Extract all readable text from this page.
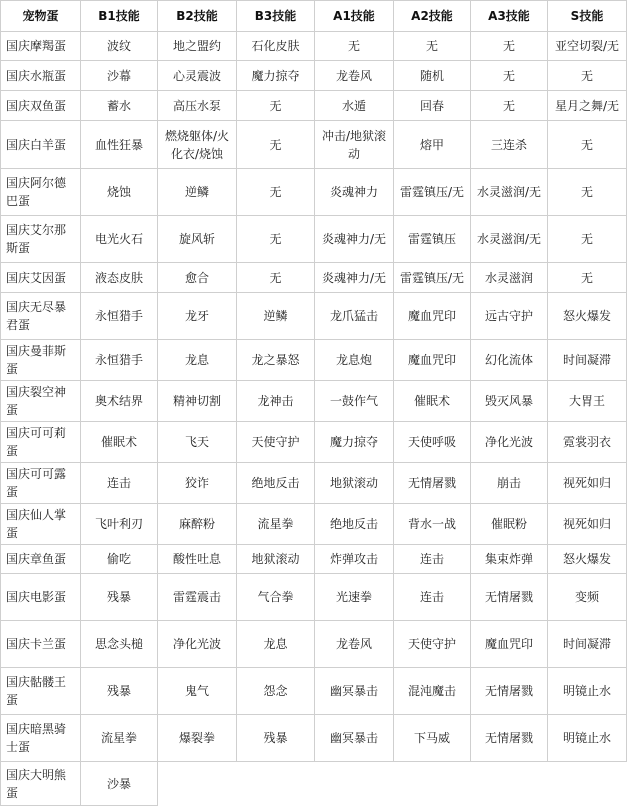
宠物蛋	B1技能	B2技能	B3技能	A1技能	A2技能	A3技能	S技能
国庆摩羯蛋	波纹	地之盟约	石化皮肤	无	无	无	亚空切裂/无
国庆水瓶蛋	沙幕	心灵震波	魔力掠夺	龙卷风	随机	无	无
国庆双鱼蛋	蓄水	高压水泵	无	水遁	回春	无	星月之舞/无
国庆白羊蛋	血性狂暴	燃烧躯体/火化衣/烧蚀	无	冲击/地狱滚动	熔甲	三连杀	无
国庆阿尔德巴蛋	烧蚀	逆鳞	无	炎魂神力	雷霆镇压/无	水灵滋润/无	无
国庆艾尔那斯蛋	电光火石	旋风斩	无	炎魂神力/无	雷霆镇压	水灵滋润/无	无
国庆艾因蛋	液态皮肤	愈合	无	炎魂神力/无	雷霆镇压/无	水灵滋润	无
国庆无尽暴君蛋	永恒猎手	龙牙	逆鳞	龙爪猛击	魔血咒印	远古守护	怒火爆发
国庆曼菲斯蛋	永恒猎手	龙息	龙之暴怒	龙息炮	魔血咒印	幻化流体	时间凝滞
国庆裂空神蛋	奥术结界	精神切割	龙神击	一鼓作气	催眠术	毁灭风暴	大胃王
国庆可可莉蛋	催眠术	飞天	天使守护	魔力掠夺	天使呼吸	净化光波	霓裳羽衣
国庆可可露蛋	连击	狡诈	绝地反击	地狱滚动	无情屠戮	崩击	视死如归
国庆仙人掌蛋	飞叶利刃	麻醉粉	流星拳	绝地反击	背水一战	催眠粉	视死如归
国庆章鱼蛋	偷吃	酸性吐息	地狱滚动	炸弹攻击	连击	集束炸弹	怒火爆发
国庆电影蛋	残暴	雷霆震击	气合拳	光速拳	连击	无情屠戮	变频
国庆卡兰蛋	思念头槌	净化光波	龙息	龙卷风	天使守护	魔血咒印	时间凝滞
国庆骷髅王蛋	残暴	鬼气	怨念	幽冥暴击	混沌魔击	无情屠戮	明镜止水
国庆暗黑骑士蛋	流星拳	爆裂拳	残暴	幽冥暴击	下马威	无情屠戮	明镜止水
国庆大明熊蛋	沙暴						
